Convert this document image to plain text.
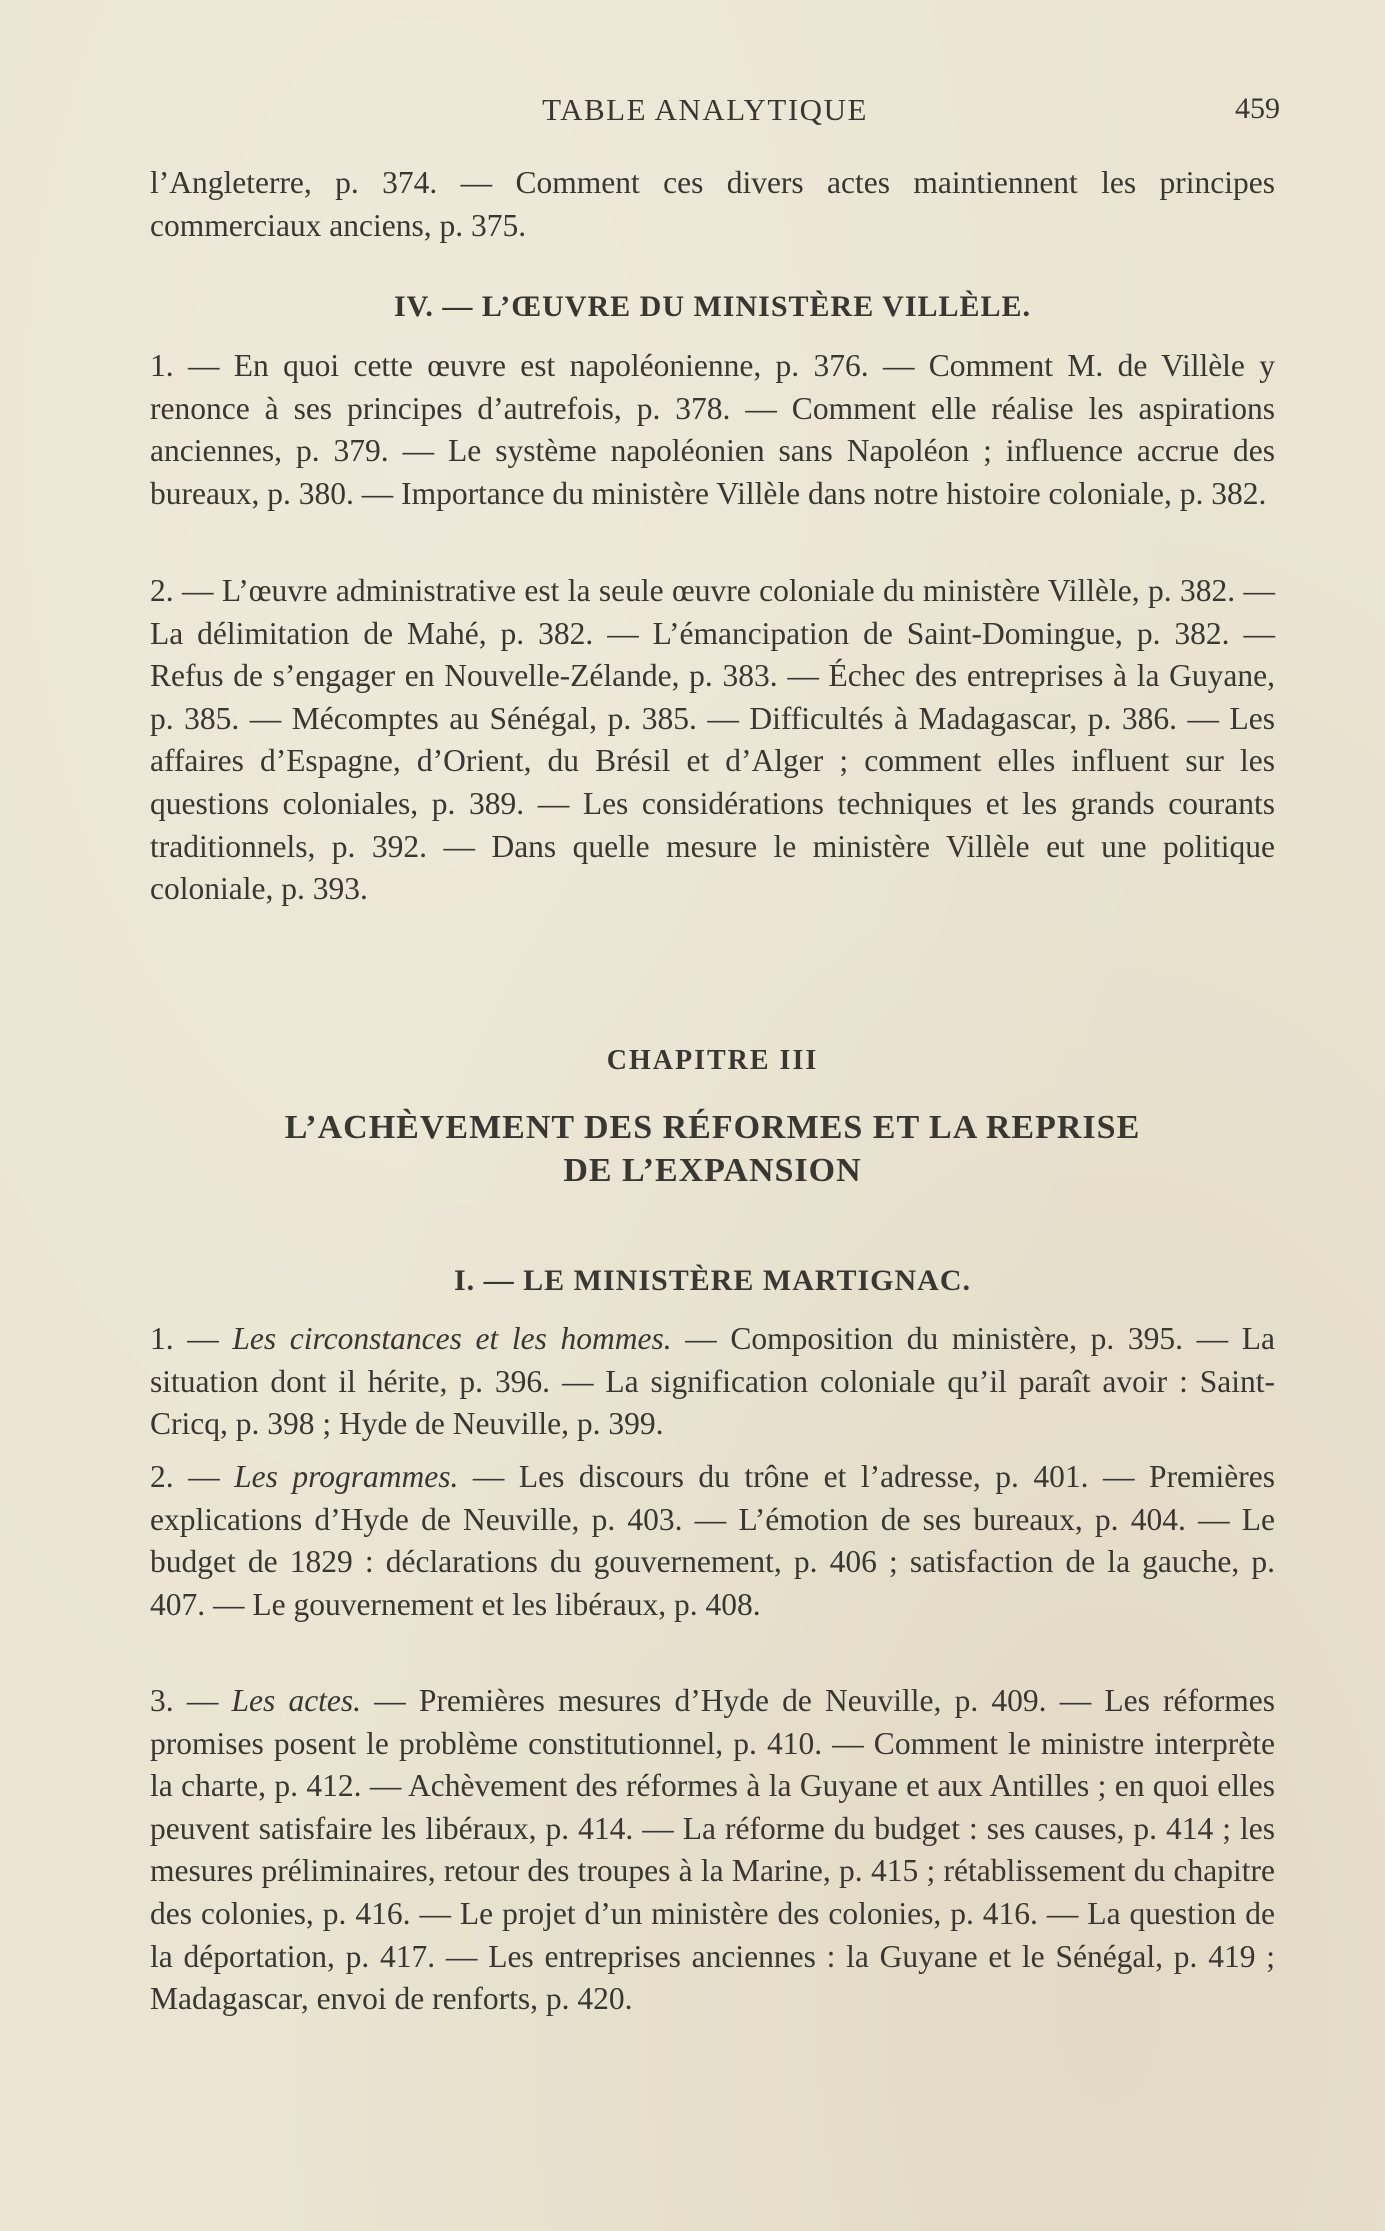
TABLE ANALYTIQUE	459

l’Angleterre, p. 374. — Comment ces divers actes maintiennent les principes commerciaux anciens, p. 375.

IV. — L’ŒUVRE DU MINISTÈRE VILLÈLE.

1. — En quoi cette œuvre est napoléonienne, p. 376. — Comment M. de Villèle y renonce à ses principes d’autrefois, p. 378. — Comment elle réalise les aspirations anciennes, p. 379. — Le système napoléonien sans Napoléon ; influence accrue des bureaux, p. 380. — Importance du ministère Villèle dans notre histoire coloniale, p. 382.

2. — L’œuvre administrative est la seule œuvre coloniale du ministère Villèle, p. 382. — La délimitation de Mahé, p. 382. — L’émancipation de Saint-Domingue, p. 382. — Refus de s’engager en Nouvelle-Zélande, p. 383. — Échec des entreprises à la Guyane, p. 385. — Mécomptes au Sénégal, p. 385. — Difficultés à Madagascar, p. 386. — Les affaires d’Espagne, d’Orient, du Brésil et d’Alger ; comment elles influent sur les questions coloniales, p. 389. — Les considérations techniques et les grands courants traditionnels, p. 392. — Dans quelle mesure le ministère Villèle eut une politique coloniale, p. 393.

CHAPITRE III
L’ACHÈVEMENT DES RÉFORMES ET LA REPRISE
DE L’EXPANSION
I. — LE MINISTÈRE MARTIGNAC.

1. — Les circonstances et les hommes. — Composition du ministère, p. 395. — La situation dont il hérite, p. 396. — La signification coloniale qu’il paraît avoir : Saint-Cricq, p. 398 ; Hyde de Neuville, p. 399.

2. — Les programmes. — Les discours du trône et l’adresse, p. 401. — Premières explications d’Hyde de Neuville, p. 403. — L’émotion de ses bureaux, p. 404. — Le budget de 1829 : déclarations du gouvernement, p. 406 ; satisfaction de la gauche, p. 407. — Le gouvernement et les libéraux, p. 408.

3. — Les actes. — Premières mesures d’Hyde de Neuville, p. 409. — Les réformes promises posent le problème constitutionnel, p. 410. — Comment le ministre interprète la charte, p. 412. — Achèvement des réformes à la Guyane et aux Antilles ; en quoi elles peuvent satisfaire les libéraux, p. 414. — La réforme du budget : ses causes, p. 414 ; les mesures préliminaires, retour des troupes à la Marine, p. 415 ; rétablissement du chapitre des colonies, p. 416. — Le projet d’un ministère des colonies, p. 416. — La question de la déportation, p. 417. — Les entreprises anciennes : la Guyane et le Sénégal, p. 419 ; Madagascar, envoi de renforts, p. 420.
